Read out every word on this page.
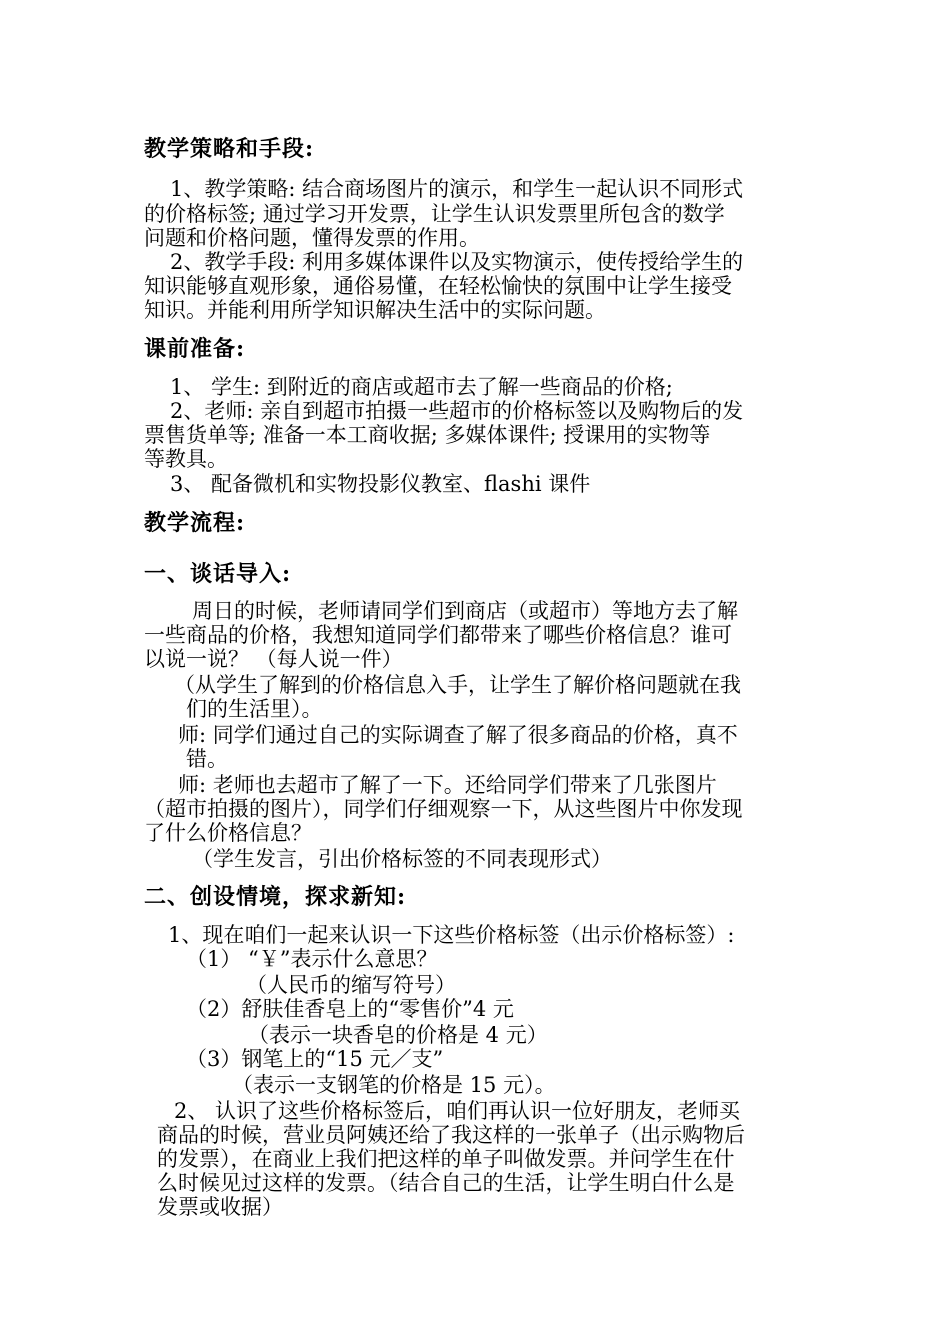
教学策略和手段:
1、教学策略: 结合商场图片的演示，和学生一起认识不同形式
的价格标签; 通过学习开发票，让学生认识发票里所包含的数学
问题和价格问题，懂得发票的作用。
2、教学手段: 利用多媒体课件以及实物演示，使传授给学生的
知识能够直观形象，通俗易懂，在轻松愉快的氛围中让学生接受
知识。并能利用所学知识解决生活中的实际问题。
课前准备:
1、 学生: 到附近的商店或超市去了解一些商品的价格;
2、老师: 亲自到超市拍摄一些超市的价格标签以及购物后的发
票售货单等; 准备一本工商收据; 多媒体课件; 授课用的实物等
等教具。
3、 配备微机和实物投影仪教室、flashi 课件
教学流程:
一、谈话导入:
周日的时候，老师请同学们到商店（或超市）等地方去了解
一些商品的价格，我想知道同学们都带来了哪些价格信息？谁可
以说一说？ （每人说一件）
（从学生了解到的价格信息入手，让学生了解价格问题就在我
们的生活里）。
师: 同学们通过自己的实际调查了解了很多商品的价格，真不
错。
师: 老师也去超市了解了一下。还给同学们带来了几张图片
（超市拍摄的图片），同学们仔细观察一下，从这些图片中你发现
了什么价格信息？
（学生发言，引出价格标签的不同表现形式）
二、创设情境，探求新知:
1、现在咱们一起来认识一下这些价格标签（出示价格标签）:
（1） “￥”表示什么意思？
（人民币的缩写符号）
（2）舒肤佳香皂上的“零售价”4 元
（表示一块香皂的价格是 4 元）
（3）钢笔上的“15 元／支”
（表示一支钢笔的价格是 15 元）。
2、 认识了这些价格标签后，咱们再认识一位好朋友，老师买
商品的时候，营业员阿姨还给了我这样的一张单子（出示购物后
的发票），在商业上我们把这样的单子叫做发票。并问学生在什
么时候见过这样的发票。（结合自己的生活，让学生明白什么是
发票或收据）
